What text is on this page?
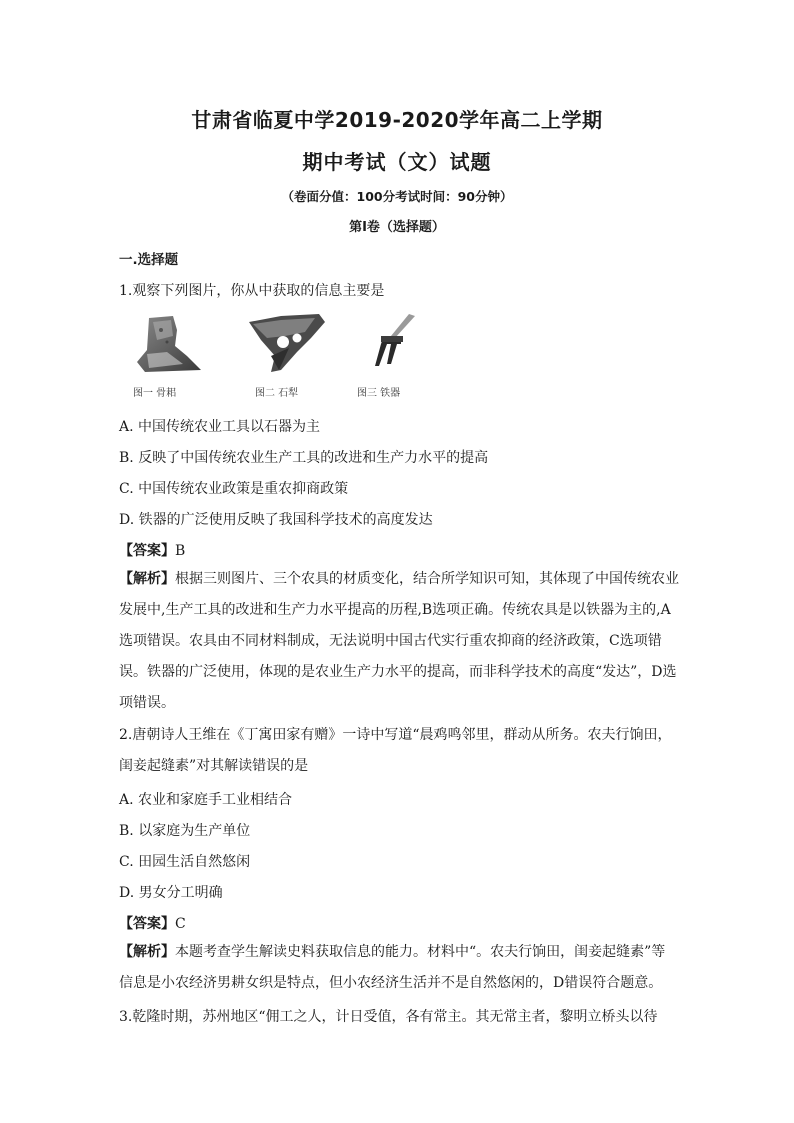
甘肃省临夏中学2019-2020学年高二上学期
期中考试（文）试题
（卷面分值：100分考试时间：90分钟）
第Ⅰ卷（选择题）
一.选择题
1.观察下列图片，你从中获取的信息主要是
图一 骨耜	图二 石犁	图三 铁器
A. 中国传统农业工具以石器为主
B. 反映了中国传统农业生产工具的改进和生产力水平的提高
C. 中国传统农业政策是重农抑商政策
D. 铁器的广泛使用反映了我国科学技术的高度发达
【答案】B
【解析】根据三则图片、三个农具的材质变化，结合所学知识可知，其体现了中国传统农业发展中,生产工具的改进和生产力水平提高的历程,B选项正确。传统农具是以铁器为主的,A选项错误。农具由不同材料制成，无法说明中国古代实行重农抑商的经济政策，C选项错误。铁器的广泛使用，体现的是农业生产力水平的提高，而非科学技术的高度“发达”，D选项错误。
2.唐朝诗人王维在《丁寓田家有赠》一诗中写道“晨鸡鸣邻里，群动从所务。农夫行饷田，闺妾起缝素”对其解读错误的是
A. 农业和家庭手工业相结合
B. 以家庭为生产单位
C. 田园生活自然悠闲
D. 男女分工明确
【答案】C
【解析】本题考查学生解读史料获取信息的能力。材料中“。农夫行饷田，闺妾起缝素”等信息是小农经济男耕女织是特点，但小农经济生活并不是自然悠闲的，D错误符合题意。
3.乾隆时期，苏州地区“佣工之人，计日受值，各有常主。其无常主者，黎明立桥头以待
